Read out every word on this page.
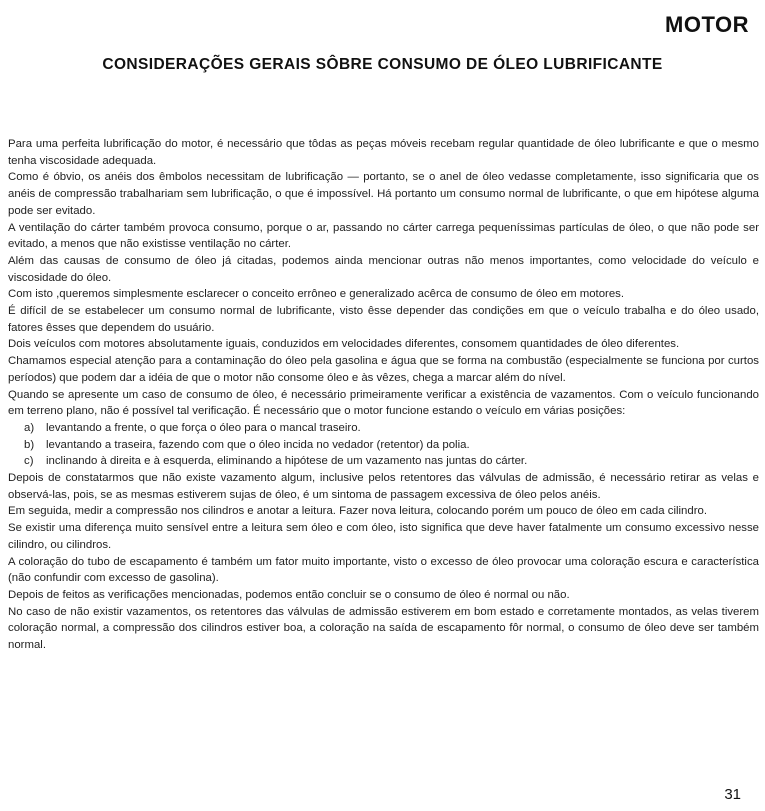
MOTOR
CONSIDERAÇÕES GERAIS SÔBRE CONSUMO DE ÓLEO LUBRIFICANTE

Para uma perfeita lubrificação do motor, é necessário que tôdas as peças móveis recebam regular quantidade de óleo lubrificante e que o mesmo tenha viscosidade adequada.

Como é óbvio, os anéis dos êmbolos necessitam de lubrificação — portanto, se o anel de óleo vedasse completamente, isso significaria que os anéis de compressão trabalhariam sem lubrificação, o que é impossível. Há portanto um consumo normal de lubrificante, o que em hipótese alguma pode ser evitado.

A ventilação do cárter também provoca consumo, porque o ar, passando no cárter carrega pequeníssimas partículas de óleo, o que não pode ser evitado, a menos que não existisse ventilação no cárter.

Além das causas de consumo de óleo já citadas, podemos ainda mencionar outras não menos importantes, como velocidade do veículo e viscosidade do óleo.

Com isto ,queremos simplesmente esclarecer o conceito errôneo e generalizado acêrca de consumo de óleo em motores.

É difícil de se estabelecer um consumo normal de lubrificante, visto êsse depender das condições em que o veículo trabalha e do óleo usado, fatores êsses que dependem do usuário.

Dois veículos com motores absolutamente iguais, conduzidos em velocidades diferentes, consomem quantidades de óleo diferentes.

Chamamos especial atenção para a contaminação do óleo pela gasolina e água que se forma na combustão (especialmente se funciona por curtos períodos) que podem dar a idéia de que o motor não consome óleo e às vêzes, chega a marcar além do nível.

Quando se apresente um caso de consumo de óleo, é necessário primeiramente verificar a existência de vazamentos. Com o veículo funcionando em terreno plano, não é possível tal verificação. É necessário que o motor funcione estando o veículo em várias posições:

a) levantando a frente, o que força o óleo para o mancal traseiro.

b) levantando a traseira, fazendo com que o óleo incida no vedador (retentor) da polia.

c) inclinando à direita e à esquerda, eliminando a hipótese de um vazamento nas juntas do cárter.

Depois de constatarmos que não existe vazamento algum, inclusive pelos retentores das válvulas de admissão, é necessário retirar as velas e observá-las, pois, se as mesmas estiverem sujas de óleo, é um sintoma de passagem excessiva de óleo pelos anéis.

Em seguida, medir a compressão nos cilindros e anotar a leitura. Fazer nova leitura, colocando porém um pouco de óleo em cada cilindro.

Se existir uma diferença muito sensível entre a leitura sem óleo e com óleo, isto significa que deve haver fatalmente um consumo excessivo nesse cilindro, ou cilindros.

A coloração do tubo de escapamento é também um fator muito importante, visto o excesso de óleo provocar uma coloração escura e característica (não confundir com excesso de gasolina).

Depois de feitos as verificações mencionadas, podemos então concluir se o consumo de óleo é normal ou não.

No caso de não existir vazamentos, os retentores das válvulas de admissão estiverem em bom estado e corretamente montados, as velas tiverem coloração normal, a compressão dos cilindros estiver boa, a coloração na saída de escapamento fôr normal, o consumo de óleo deve ser também normal.

31
